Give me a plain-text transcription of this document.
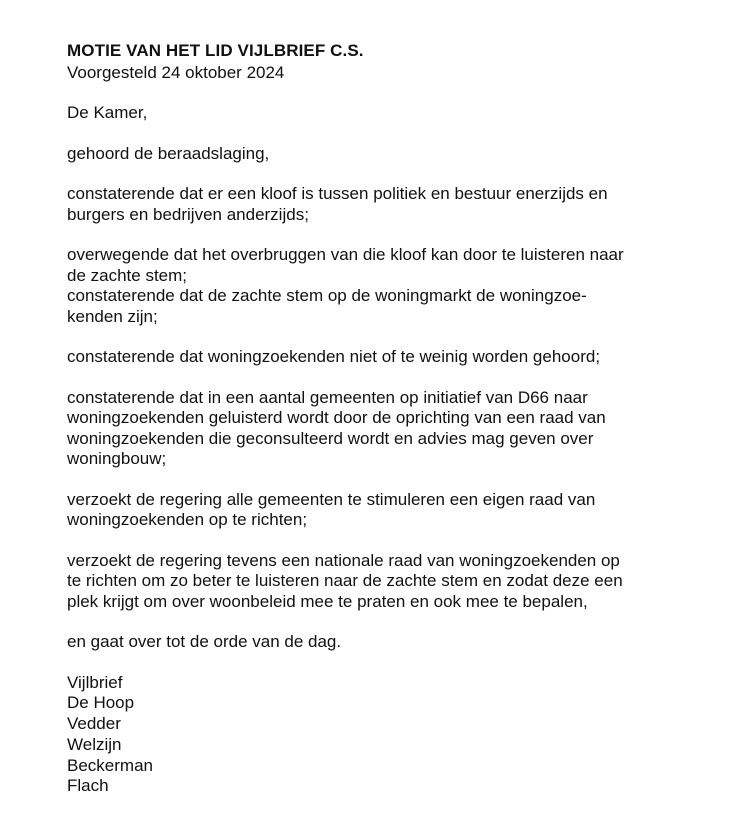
MOTIE VAN HET LID VIJLBRIEF C.S.

Voorgesteld 24 oktober 2024

De Kamer,

gehoord de beraadslaging,

constaterende dat er een kloof is tussen politiek en bestuur enerzijds en
burgers en bedrijven anderzijds;

overwegende dat het overbruggen van die kloof kan door te luisteren naar
de zachte stem;

constaterende dat de zachte stem op de woningmarkt de woningzoe-
kenden zijn;

constaterende dat woningzoekenden niet of te weinig worden gehoord;

constaterende dat in een aantal gemeenten op initiatief van D66 naar
woningzoekenden geluisterd wordt door de oprichting van een raad van
woningzoekenden die geconsulteerd wordt en advies mag geven over
woningbouw;

verzoekt de regering alle gemeenten te stimuleren een eigen raad van
woningzoekenden op te richten;

verzoekt de regering tevens een nationale raad van woningzoekenden op
te richten om zo beter te luisteren naar de zachte stem en zodat deze een
plek krijgt om over woonbeleid mee te praten en ook mee te bepalen,

en gaat over tot de orde van de dag.

Vijlbrief
De Hoop
Vedder
Welzijn
Beckerman
Flach
